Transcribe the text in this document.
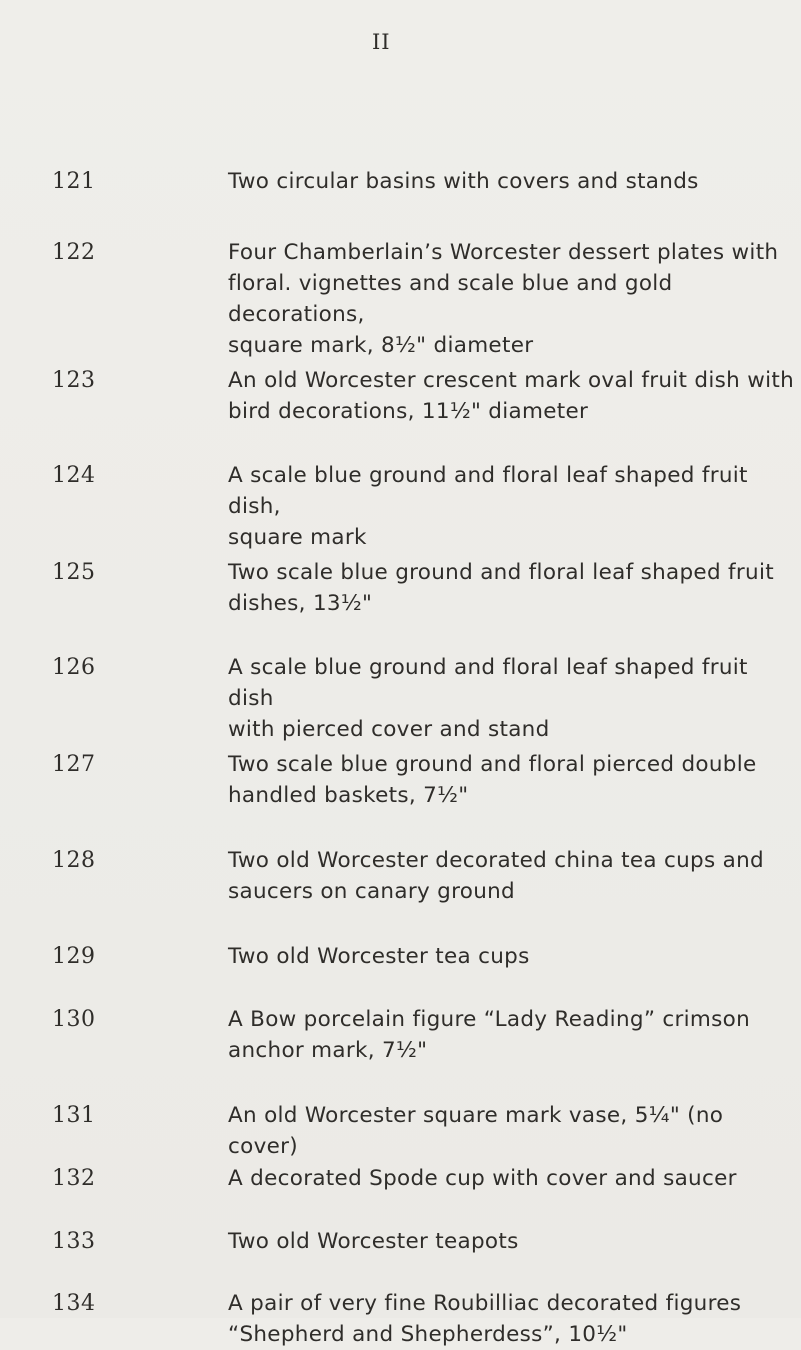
II
121	Two circular basins with covers and stands
122	Four Chamberlain’s Worcester dessert plates with
floral. vignettes and scale blue and gold decorations,
square mark, 8½" diameter
123	An old Worcester crescent mark oval fruit dish with
bird decorations, 11½" diameter
124	A scale blue ground and floral leaf shaped fruit dish,
square mark
125	Two scale blue ground and floral leaf shaped fruit
dishes, 13½"
126	A scale blue ground and floral leaf shaped fruit dish
with pierced cover and stand
127	Two scale blue ground and floral pierced double
handled baskets, 7½"
128	Two old Worcester decorated china tea cups and
saucers on canary ground
129	Two old Worcester tea cups
130	A Bow porcelain figure “Lady Reading” crimson
anchor mark, 7½"
131	An old Worcester square mark vase, 5¼" (no cover)
132	A decorated Spode cup with cover and saucer
133	Two old Worcester teapots
134	A pair of very fine Roubilliac decorated figures
“Shepherd and Shepherdess”, 10½"
